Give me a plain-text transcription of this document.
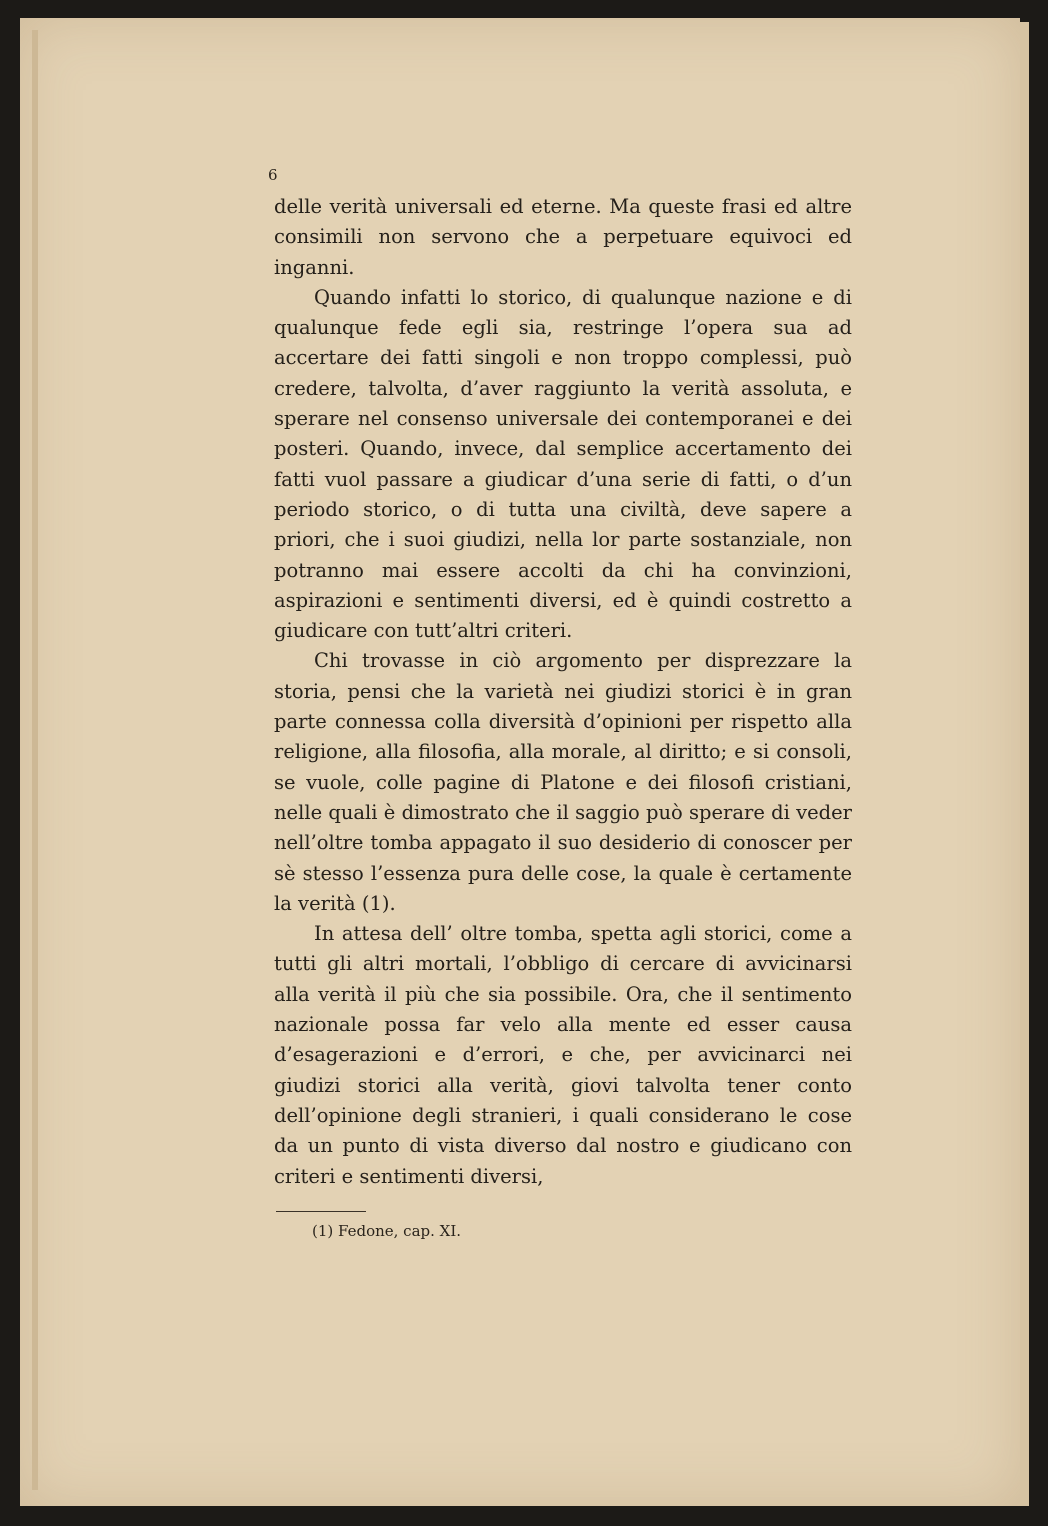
6

delle verità universali ed eterne. Ma queste frasi ed altre consimili non servono che a perpetuare equivoci ed inganni.

Quando infatti lo storico, di qualunque nazione e di qualunque fede egli sia, restringe l’opera sua ad accertare dei fatti singoli e non troppo complessi, può credere, talvolta, d’aver raggiunto la verità assoluta, e sperare nel consenso universale dei contemporanei e dei posteri. Quando, invece, dal semplice accertamento dei fatti vuol passare a giudicar d’una serie di fatti, o d’un periodo storico, o di tutta una civiltà, deve sapere a priori, che i suoi giudizi, nella lor parte sostanziale, non potranno mai essere accolti da chi ha convinzioni, aspirazioni e sentimenti diversi, ed è quindi costretto a giudicare con tutt’altri criteri.

Chi trovasse in ciò argomento per disprezzare la storia, pensi che la varietà nei giudizi storici è in gran parte connessa colla diversità d’opinioni per rispetto alla religione, alla filosofia, alla morale, al diritto; e si consoli, se vuole, colle pagine di Platone e dei filosofi cristiani, nelle quali è dimostrato che il saggio può sperare di veder nell’oltre tomba appagato il suo desiderio di conoscer per sè stesso l’essenza pura delle cose, la quale è certamente la verità (1).

In attesa dell’ oltre tomba, spetta agli storici, come a tutti gli altri mortali, l’obbligo di cercare di avvicinarsi alla verità il più che sia possibile. Ora, che il sentimento nazionale possa far velo alla mente ed esser causa d’esagerazioni e d’errori, e che, per avvicinarci nei giudizi storici alla verità, giovi talvolta tener conto dell’opinione degli stranieri, i quali considerano le cose da un punto di vista diverso dal nostro e giudicano con criteri e sentimenti diversi,

(1) Fedone, cap. XI.
